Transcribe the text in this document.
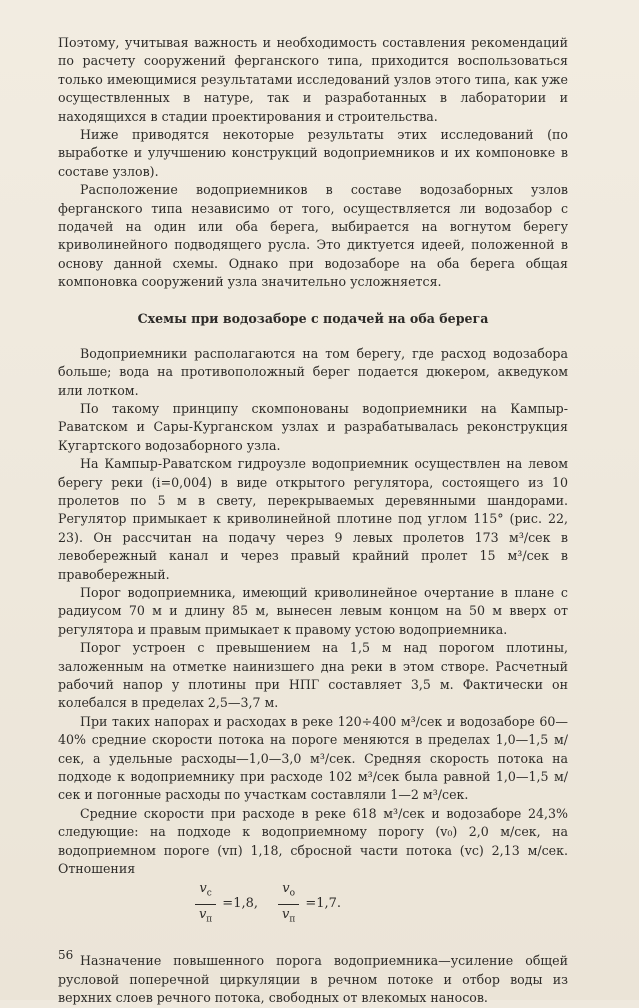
Поэтому, учитывая важность и необходимость составления рекомендаций по расчету сооружений ферганского типа, приходится воспользоваться только имеющимися результатами исследований узлов этого типа, как уже осуществленных в натуре, так и разработанных в лаборатории и находящихся в стадии проектирования и строительства.

Ниже приводятся некоторые результаты этих исследований (по выработке и улучшению конструкций водоприемников и их компоновке в составе узлов).

Расположение водоприемников в составе водозаборных узлов ферганского типа независимо от того, осуществляется ли водозабор с подачей на один или оба берега, выбирается на вогнутом берегу криволинейного подводящего русла. Это диктуется идеей, положенной в основу данной схемы. Однако при водозаборе на оба берега общая компоновка сооружений узла значительно усложняется.

Схемы при водозаборе с подачей на оба берега

Водоприемники располагаются на том берегу, где расход водозабора больше; вода на противоположный берег подается дюкером, акведуком или лотком.

По такому принципу скомпонованы водоприемники на Кампыр-Раватском и Сары-Курганском узлах и разрабатывалась реконструкция Кугартского водозаборного узла.

На Кампыр-Раватском гидроузле водоприемник осуществлен на левом берегу реки (i=0,004) в виде открытого регулятора, состоящего из 10 пролетов по 5 м в свету, перекрываемых деревянными шандорами. Регулятор примыкает к криволинейной плотине под углом 115° (рис. 22, 23). Он рассчитан на подачу через 9 левых пролетов 173 м³/сек в левобережный канал и через правый крайний пролет 15 м³/сек в правобережный.

Порог водоприемника, имеющий криволинейное очертание в плане с радиусом 70 м и длину 85 м, вынесен левым концом на 50 м вверх от регулятора и правым примыкает к правому устою водоприемника.

Порог устроен с превышением на 1,5 м над порогом плотины, заложенным на отметке наинизшего дна реки в этом створе. Расчетный рабочий напор у плотины при НПГ составляет 3,5 м. Фактически он колебался в пределах 2,5—3,7 м.

При таких напорах и расходах в реке 120÷400 м³/сек и водозаборе 60—40% средние скорости потока на пороге меняются в пределах 1,0—1,5 м/сек, а удельные расходы—1,0—3,0 м³/сек. Средняя скорость потока на подходе к водоприемнику при расходе 102 м³/сек была равной 1,0—1,5 м/сек и погонные расходы по участкам составляли 1—2 м³/сек.

Средние скорости при расходе в реке 618 м³/сек и водозаборе 24,3% следующие: на подходе к водоприемному порогу (v₀) 2,0 м/сек, на водоприемном пороге (vп) 1,18, сбросной части потока (vс) 2,13 м/сек. Отношения

$\frac{v_с}{v_п} =1,8$, $\frac{v_о}{v_п} =1,7$.

Назначение повышенного порога водоприемника—усиление общей русловой поперечной циркуляции в речном потоке и отбор воды из верхних слоев речного потока, свободных от влекомых наносов.

56
